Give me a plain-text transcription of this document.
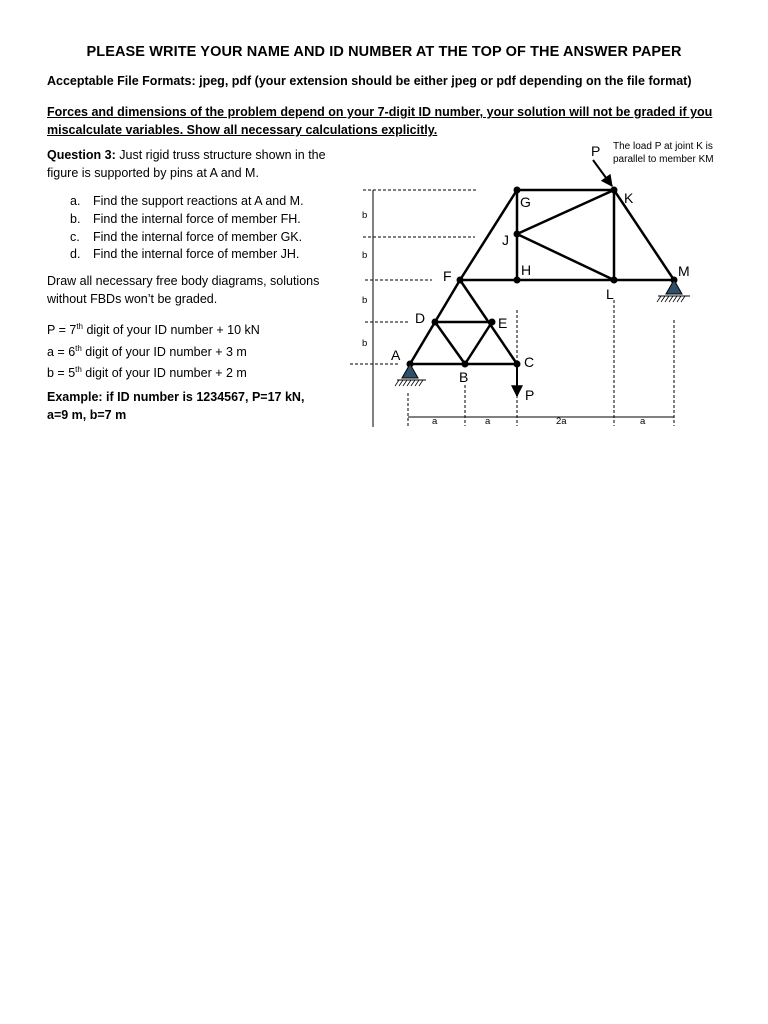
PLEASE WRITE YOUR NAME AND ID NUMBER AT THE TOP OF THE ANSWER PAPER
Acceptable File Formats: jpeg, pdf (your extension should be either jpeg or pdf depending on the file format)
Forces and dimensions of the problem depend on your 7-digit ID number, your solution will not be graded if you miscalculate variables. Show all necessary calculations explicitly.
Question 3: Just rigid truss structure shown in the figure is supported by pins at A and M.
a. Find the support reactions at A and M.
b. Find the internal force of member FH.
c. Find the internal force of member GK.
d. Find the internal force of member JH.
Draw all necessary free body diagrams, solutions without FBDs won’t be graded.
P = 7th digit of your ID number + 10 kN
a = 6th digit of your ID number + 3 m
b = 5th digit of your ID number + 2 m
Example: if ID number is 1234567, P=17 kN,
a=9 m, b=7 m
b
b
b
b
a	a	2a	a
P
P
The load P at joint K is
parallel to member KM
A
B
C
D	E
F
G
H
J
K
L
M
